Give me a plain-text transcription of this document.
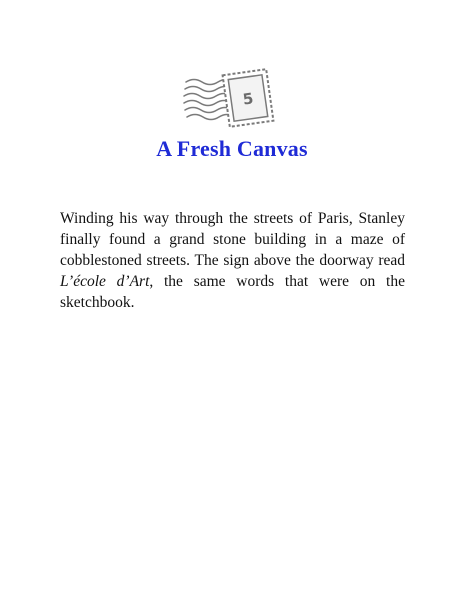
5
A Fresh Canvas

Winding his way through the streets of Paris, Stanley finally found a grand stone building in a maze of cobblestoned streets. The sign above the doorway read L’école d’Art, the same words that were on the sketchbook.
